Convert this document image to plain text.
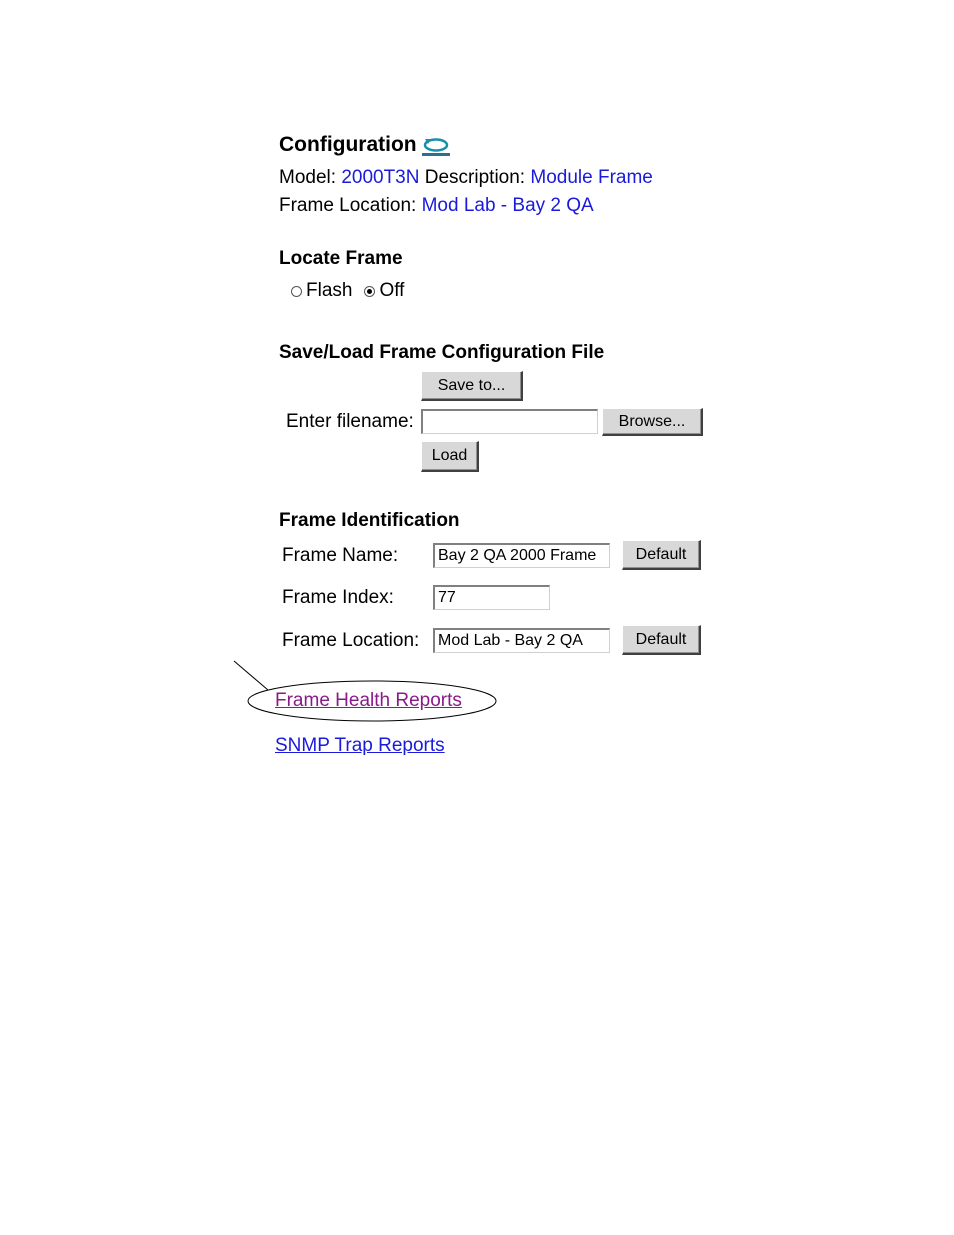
Configuration
Model: 2000T3N Description: Module Frame
Frame Location: Mod Lab - Bay 2 QA
Locate Frame
Flash Off
Save/Load Frame Configuration File
Save to...
Enter filename:	Browse...
Load
Frame Identification
Frame Name:
Bay 2 QA 2000 Frame	Default
Frame Index:
77
Frame Location:
Mod Lab - Bay 2 QA	Default
Frame Health Reports
SNMP Trap Reports
